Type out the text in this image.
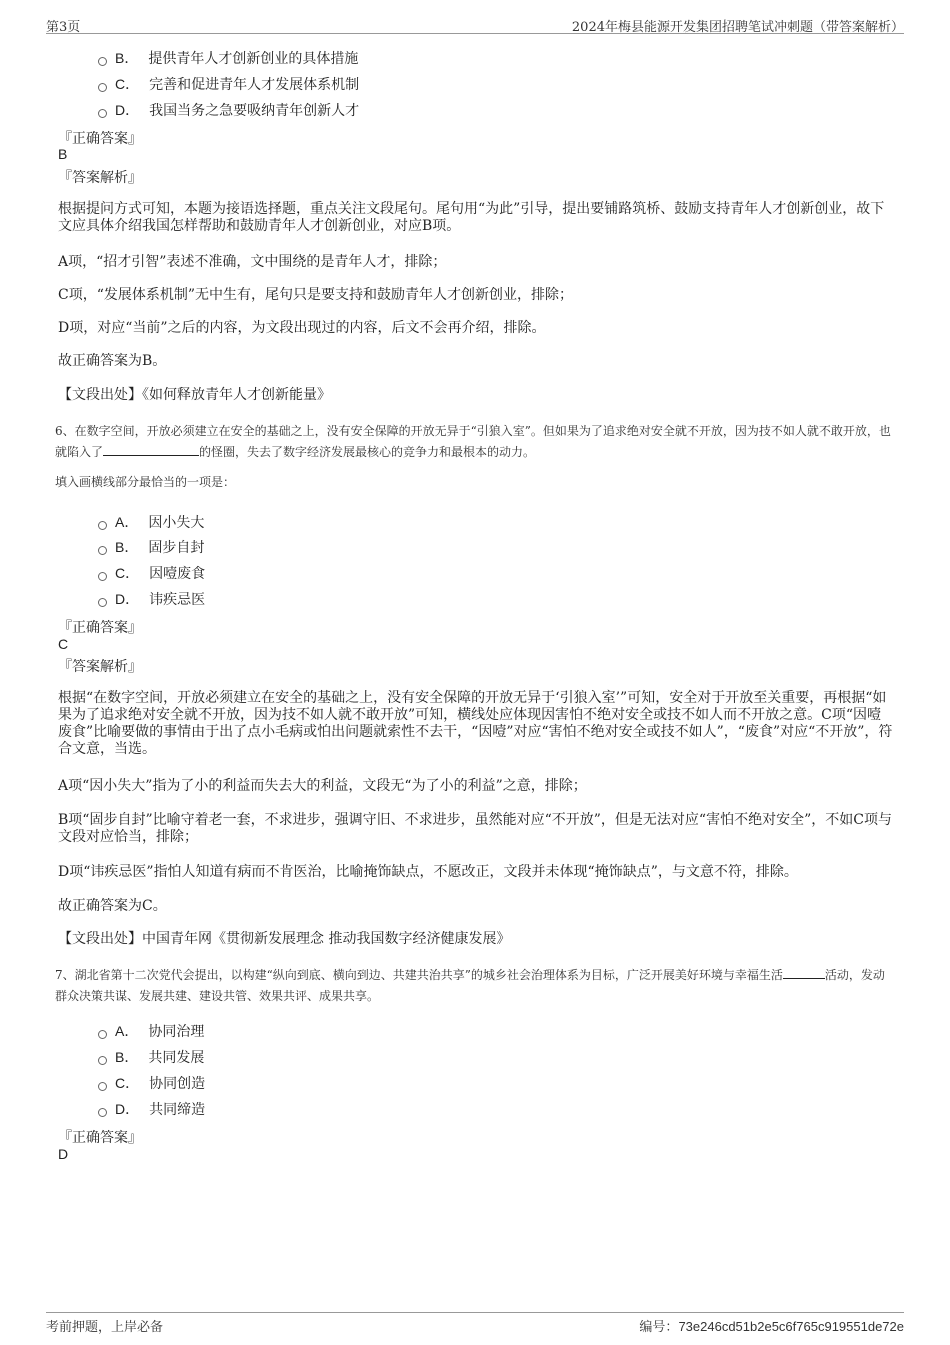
第3页	2024年梅县能源开发集团招聘笔试冲刺题（带答案解析）
B． 提供青年人才创新创业的具体措施
C． 完善和促进青年人才发展体系机制
D． 我国当务之急要吸纳青年创新人才
『正确答案』
B
『答案解析』
根据提问方式可知，本题为接语选择题，重点关注文段尾句。尾句用“为此”引导，提出要铺路筑桥、鼓励支持青年人才创新创业，故下文应具体介绍我国怎样帮助和鼓励青年人才创新创业，对应B项。
A项，“招才引智”表述不准确，文中围绕的是青年人才，排除；
C项，“发展体系机制”无中生有，尾句只是要支持和鼓励青年人才创新创业，排除；
D项，对应“当前”之后的内容，为文段出现过的内容，后文不会再介绍，排除。
故正确答案为B。
【文段出处】《如何释放青年人才创新能量》
6、在数字空间，开放必须建立在安全的基础之上，没有安全保障的开放无异于“引狼入室”。但如果为了追求绝对安全就不开放，因为技不如人就不敢开放，也就陷入了	的怪圈，失去了数字经济发展最核心的竞争力和最根本的动力。
填入画横线部分最恰当的一项是：
A． 因小失大
B． 固步自封
C． 因噎废食
D． 讳疾忌医
『正确答案』
C
『答案解析』
根据“在数字空间，开放必须建立在安全的基础之上，没有安全保障的开放无异于‘引狼入室’”可知，安全对于开放至关重要，再根据“如果为了追求绝对安全就不开放，因为技不如人就不敢开放”可知，横线处应体现因害怕不绝对安全或技不如人而不开放之意。C项“因噎废食”比喻要做的事情由于出了点小毛病或怕出问题就索性不去干，“因噎”对应“害怕不绝对安全或技不如人”，“废食”对应“不开放”，符合文意，当选。
A项“因小失大”指为了小的利益而失去大的利益，文段无“为了小的利益”之意，排除；
B项“固步自封”比喻守着老一套，不求进步，强调守旧、不求进步，虽然能对应“不开放”，但是无法对应“害怕不绝对安全”，不如C项与文段对应恰当，排除；
D项“讳疾忌医”指怕人知道有病而不肯医治，比喻掩饰缺点，不愿改正，文段并未体现“掩饰缺点”，与文意不符，排除。
故正确答案为C。
【文段出处】中国青年网《贯彻新发展理念 推动我国数字经济健康发展》
7、湖北省第十二次党代会提出，以构建“纵向到底、横向到边、共建共治共享”的城乡社会治理体系为目标，广泛开展美好环境与幸福生活	活动，发动群众决策共谋、发展共建、建设共管、效果共评、成果共享。
A． 协同治理
B． 共同发展
C． 协同创造
D． 共同缔造
『正确答案』
D
考前押题，上岸必备	编号：73e246cd51b2e5c6f765c919551de72e
